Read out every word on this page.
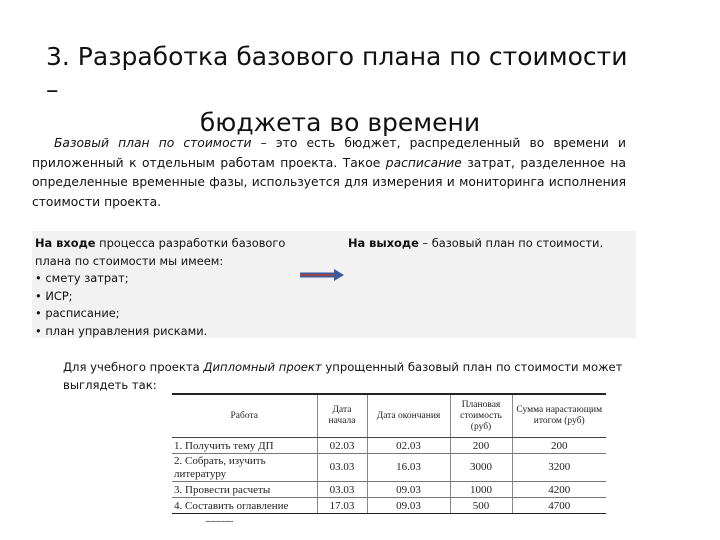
3. Разработка базового плана по стоимости –
бюджета во времени
Базовый план по стоимости – это есть бюджет, распределенный во времени и приложенный к отдельным работам проекта. Такое расписание затрат, разделенное на определенные временные фазы, используется для измерения и мониторинга исполнения стоимости проекта.
На входе процесса разработки базового плана по стоимости мы имеем:
• смету затрат;
• ИСР;
• расписание;
• план управления рисками.
На выходе – базовый план по стоимости.
Для учебного проекта Дипломный проект упрощенный базовый план по стоимости может выглядеть так:
Работа	Дата начала	Дата окончания	Плановая стоимость (руб)	Сумма нарастающим итогом (руб)
1. Получить тему ДП	02.03	02.03	200	200
2. Собрать, изучить литературу	03.03	16.03	3000	3200
3. Провести расчеты	03.03	09.03	1000	4200
4. Составить оглавление	17.03	09.03	500	4700
......................
